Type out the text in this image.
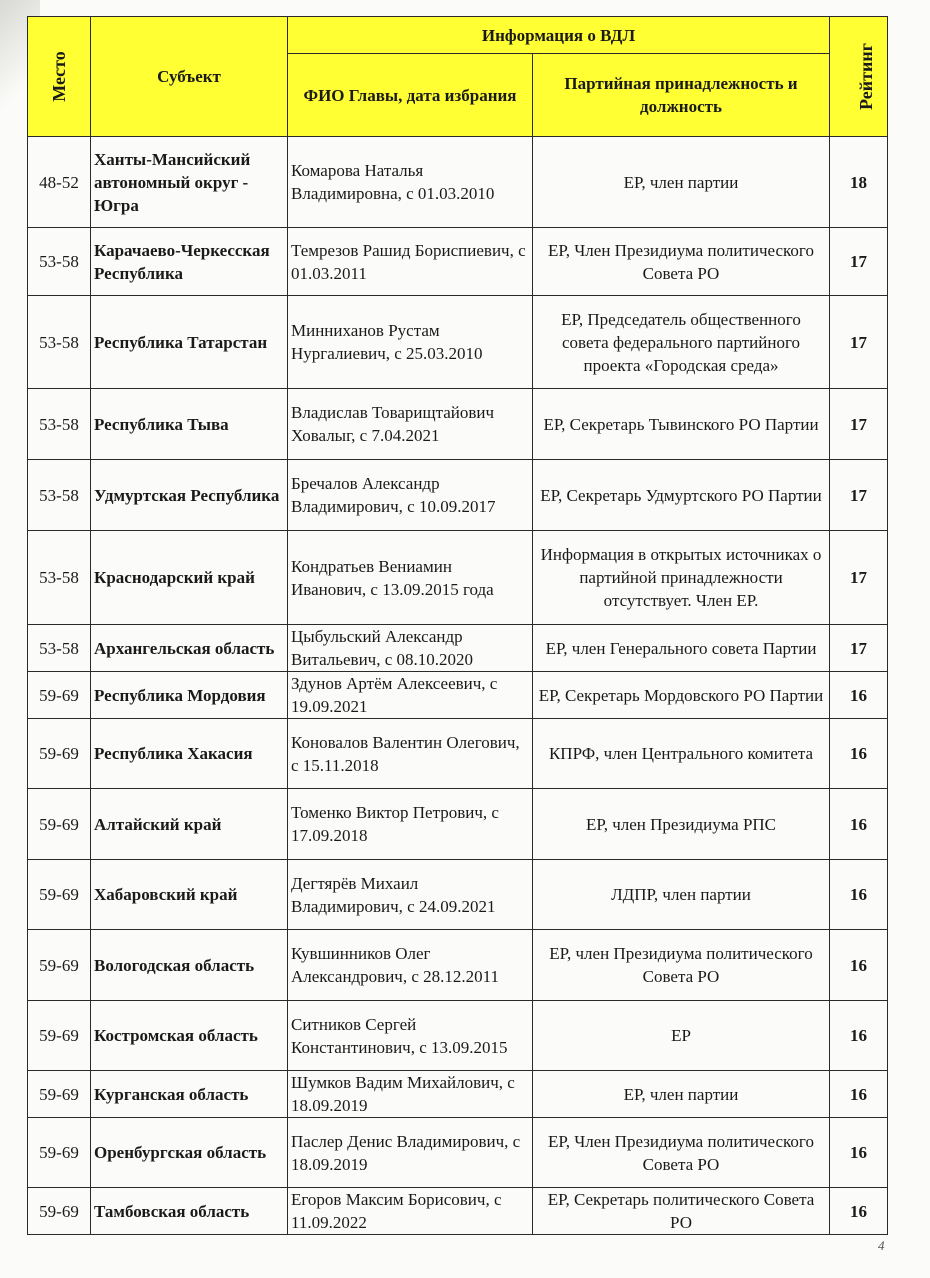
Место	Субъект	Информация о ВДЛ		Рейтинг
		ФИО Главы, дата избрания	Партийная принадлежность и должность	
48-52	Ханты-Мансийский автономный округ - Югра	Комарова Наталья Владимировна, с 01.03.2010	ЕР, член партии	18
53-58	Карачаево-Черкесская Республика	Темрезов Рашид Бориспиевич, с 01.03.2011	ЕР, Член Президиума политического Совета РО	17
53-58	Республика Татарстан	Минниханов Рустам Нургалиевич, с 25.03.2010	ЕР, Председатель общественного совета федерального партийного проекта «Городская среда»	17
53-58	Республика Тыва	Владислав Товарищтайович Ховалыг, с 7.04.2021	ЕР, Секретарь Тывинского РО Партии	17
53-58	Удмуртская Республика	Бречалов Александр Владимирович, с 10.09.2017	ЕР, Секретарь Удмуртского РО Партии	17
53-58	Краснодарский край	Кондратьев Вениамин Иванович, с 13.09.2015 года	Информация в открытых источниках о партийной принадлежности отсутствует. Член ЕР.	17
53-58	Архангельская область	Цыбульский Александр Витальевич, с 08.10.2020	ЕР, член Генерального совета Партии	17
59-69	Республика Мордовия	Здунов Артём Алексеевич, с 19.09.2021	ЕР, Секретарь Мордовского РО Партии	16
59-69	Республика Хакасия	Коновалов Валентин Олегович, с 15.11.2018	КПРФ, член Центрального комитета	16
59-69	Алтайский край	Томенко Виктор Петрович, с 17.09.2018	ЕР, член Президиума РПС	16
59-69	Хабаровский край	Дегтярёв Михаил Владимирович, с 24.09.2021	ЛДПР, член партии	16
59-69	Вологодская область	Кувшинников Олег Александрович, с 28.12.2011	ЕР, член Президиума политического Совета РО	16
59-69	Костромская область	Ситников Сергей Константинович, с 13.09.2015	ЕР	16
59-69	Курганская область	Шумков Вадим Михайлович, с 18.09.2019	ЕР, член партии	16
59-69	Оренбургская область	Паслер Денис Владимирович, с 18.09.2019	ЕР, Член Президиума политического Совета РО	16
59-69	Тамбовская область	Егоров Максим Борисович, с 11.09.2022	ЕР, Секретарь политического Совета РО	16
4
